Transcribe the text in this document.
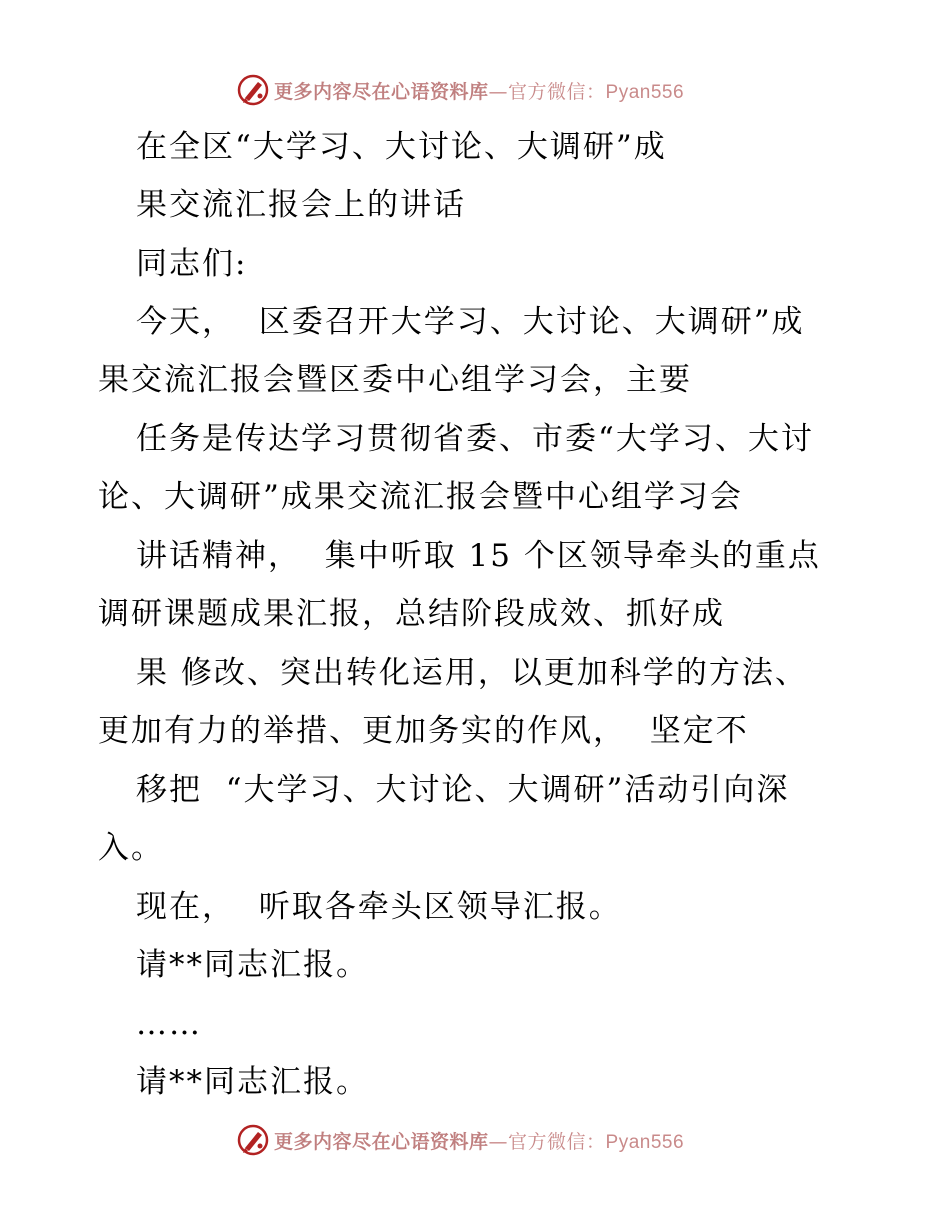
更多内容尽在心语资料库—官方微信：Pyan556
在全区“大学习、大讨论、大调研”成
果交流汇报会上的讲话
同志们:
今天，  区委召开大学习、大讨论、大调研”成
果交流汇报会暨区委中心组学习会，主要
任务是传达学习贯彻省委、市委“大学习、大讨
论、大调研”成果交流汇报会暨中心组学习会
讲话精神，  集中听取 15 个区领导牵头的重点
调研课题成果汇报，总结阶段成效、抓好成
果 修改、突出转化运用，以更加科学的方法、
更加有力的举措、更加务实的作风，  坚定不
移把  “大学习、大讨论、大调研”活动引向深
入。
现在，  听取各牵头区领导汇报。
请**同志汇报。
……
请**同志汇报。
更多内容尽在心语资料库—官方微信：Pyan556
